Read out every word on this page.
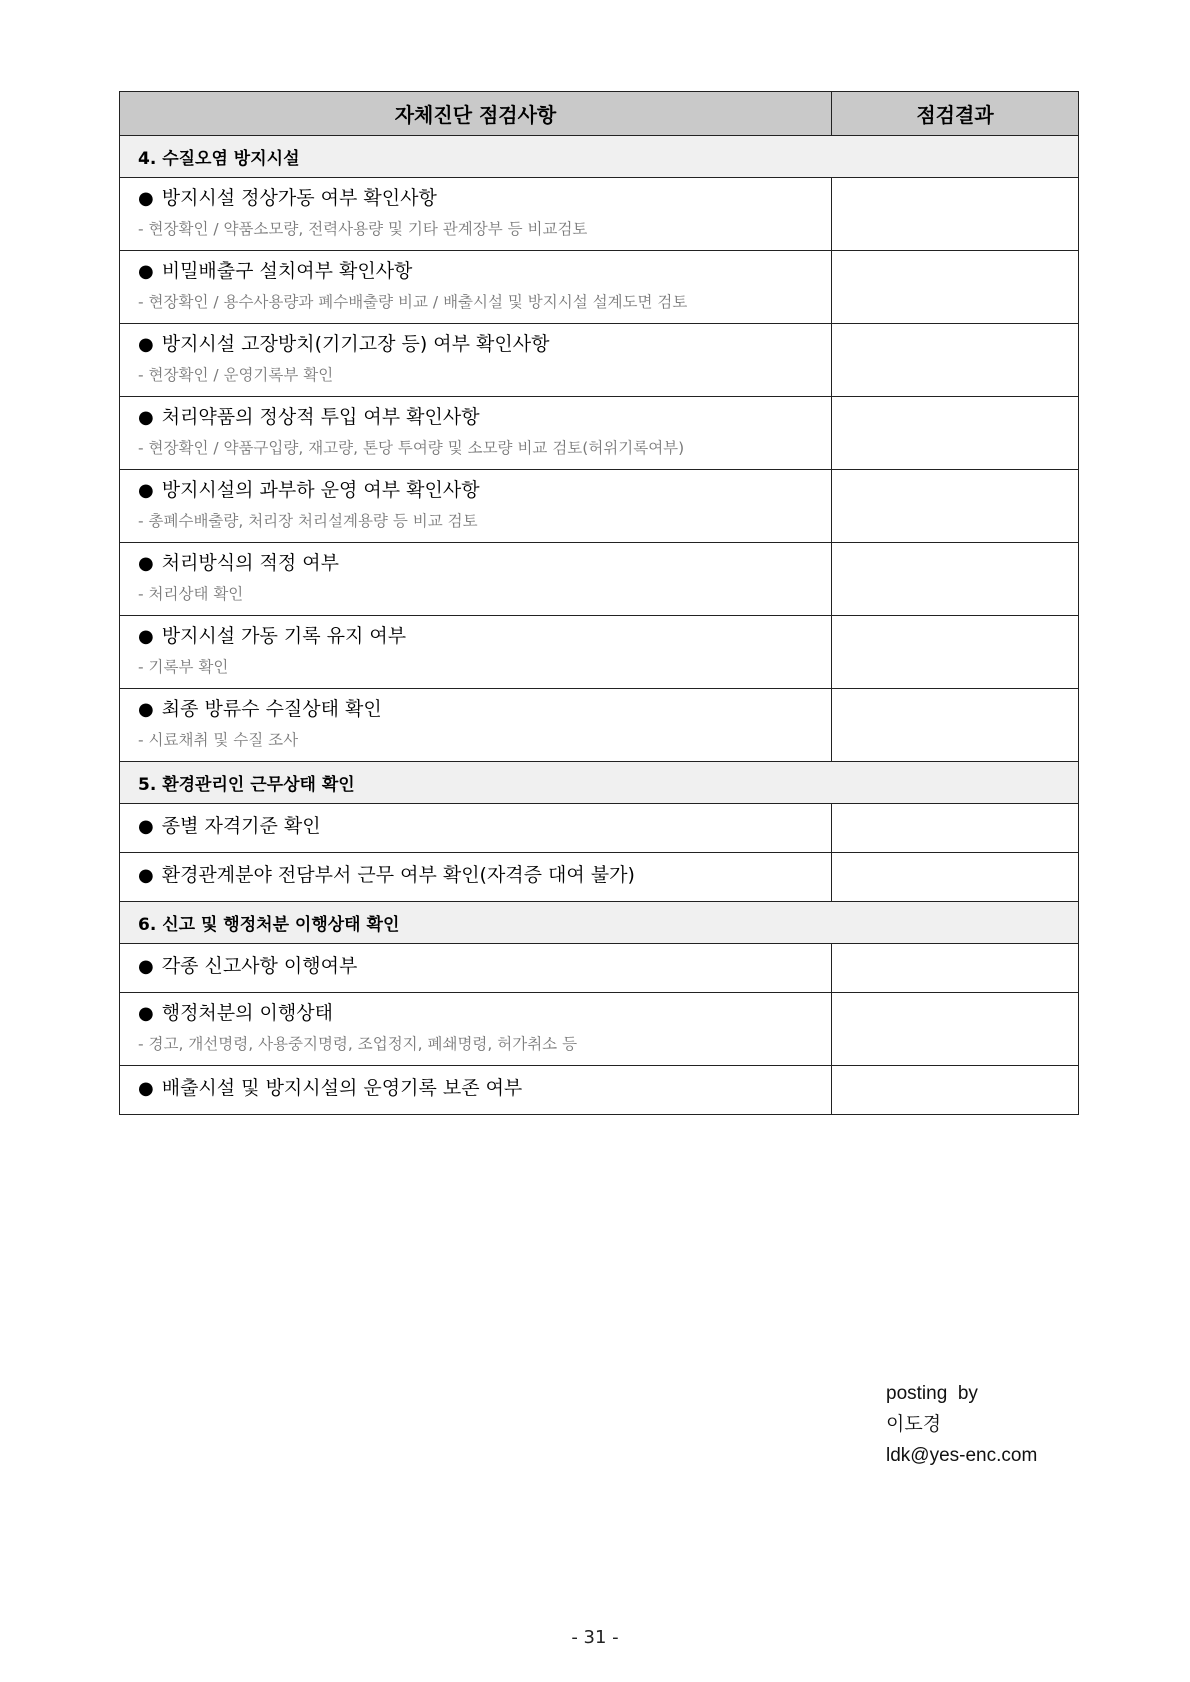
자체진단 점검사항	점검결과
4. 수질오염 방지시설	

● 방지시설 정상가동 여부 확인사항
- 현장확인 / 약품소모량, 전력사용량 및 기타 관계장부 등 비교검토	

● 비밀배출구 설치여부 확인사항
- 현장확인 / 용수사용량과 폐수배출량 비교 / 배출시설 및 방지시설 설계도면 검토	

● 방지시설 고장방치(기기고장 등) 여부 확인사항
- 현장확인 / 운영기록부 확인	

● 처리약품의 정상적 투입 여부 확인사항
- 현장확인 / 약품구입량, 재고량, 톤당 투여량 및 소모량 비교 검토(허위기록여부)	

● 방지시설의 과부하 운영 여부 확인사항
- 총폐수배출량, 처리장 처리설계용량 등 비교 검토	

● 처리방식의 적정 여부
- 처리상태 확인	

● 방지시설 가동 기록 유지 여부
- 기록부 확인	

● 최종 방류수 수질상태 확인
- 시료채취 및 수질 조사	

5. 환경관리인 근무상태 확인	

● 종별 자격기준 확인	

● 환경관계분야 전담부서 근무 여부 확인(자격증 대여 불가)	

6. 신고 및 행정처분 이행상태 확인	

● 각종 신고사항 이행여부	

● 행정처분의 이행상태
- 경고, 개선명령, 사용중지명령, 조업정지, 폐쇄명령, 허가취소 등	

● 배출시설 및 방지시설의 운영기록 보존 여부	

posting  by
이도경
ldk@yes-enc.com
- 31 -
